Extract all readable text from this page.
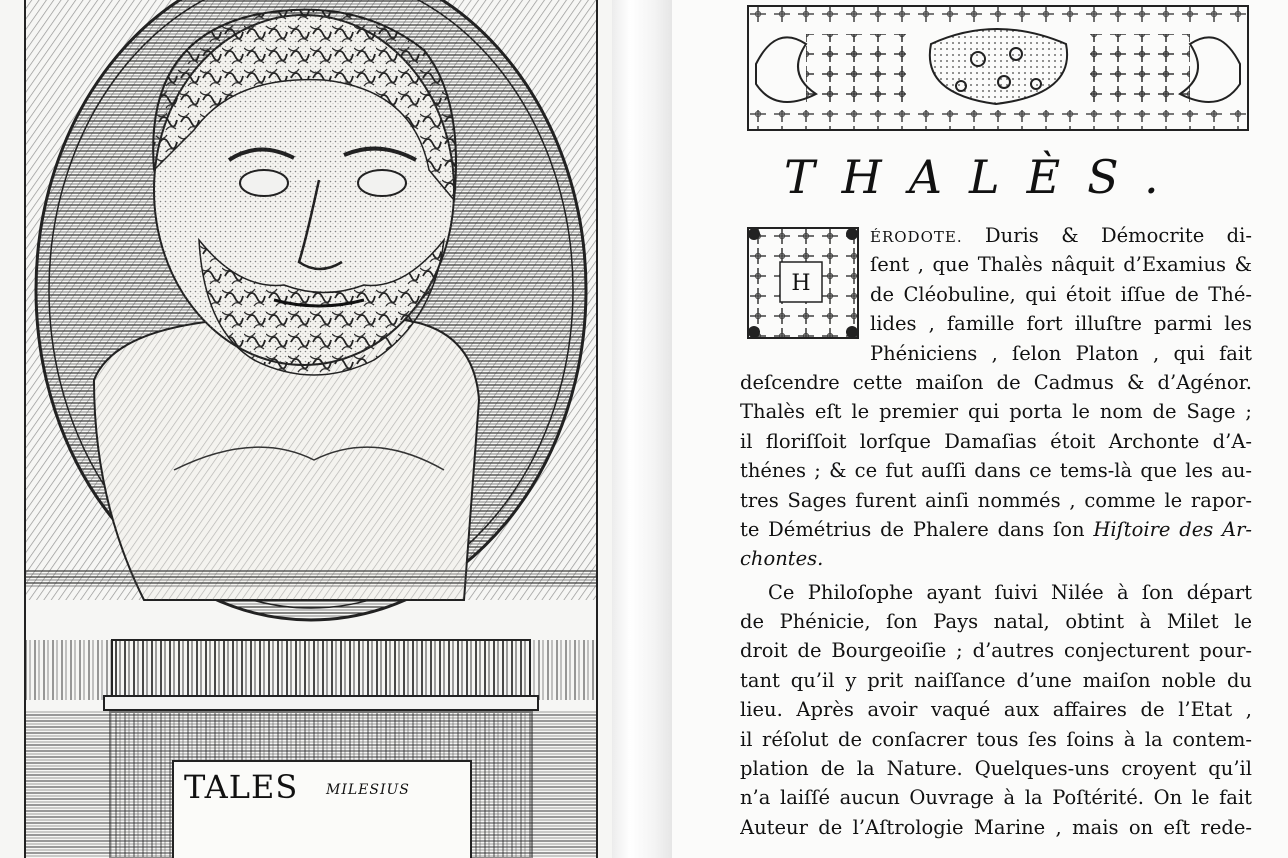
TALES MILESIUS
THALÈS.
H
ÉRODOTE. Duris & Démocrite di-
ſent , que Thalès nâquit d’Examius &
de Cléobuline, qui étoit iſſue de Thé-
lides , famille fort illuſtre parmi les
Phéniciens , ſelon Platon , qui fait
deſcendre cette maiſon de Cadmus & d’Agénor.
Thalès eſt le premier qui porta le nom de Sage ;
il floriſſoit lorſque Damaſias étoit Archonte d’A-
thénes ; & ce fut auſſi dans ce tems-là que les au-
tres Sages furent ainſi nommés , comme le rapor-
te Démétrius de Phalere dans ſon Hiſtoire des Ar-
chontes.
Ce Philoſophe ayant ſuivi Nilée à ſon départ
de Phénicie, ſon Pays natal, obtint à Milet le
droit de Bourgeoiſie ; d’autres conjecturent pour-
tant qu’il y prit naiſſance d’une maiſon noble du
lieu. Après avoir vaqué aux affaires de l’Etat ,
il réſolut de conſacrer tous ſes ſoins à la contem-
plation de la Nature. Quelques-uns croyent qu’il
n’a laiſſé aucun Ouvrage à la Poſtérité. On le fait
Auteur de l’Aſtrologie Marine , mais on eſt rede-
